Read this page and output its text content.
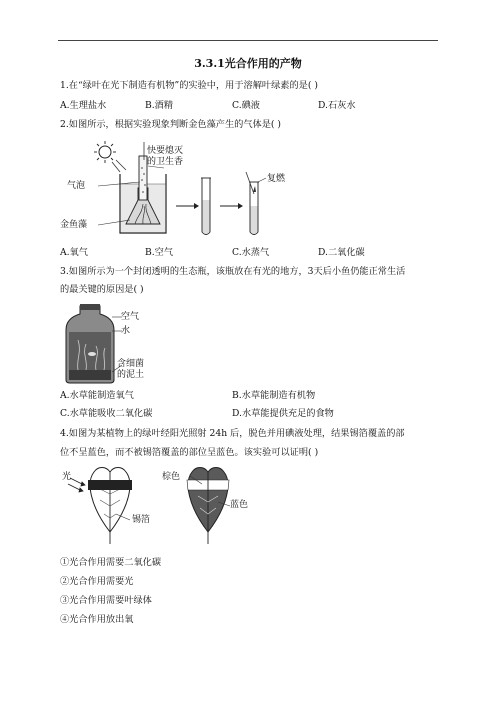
3.3.1光合作用的产物
1.在“绿叶在光下制造有机物”的实验中，用于溶解叶绿素的是( )
A.生理盐水	B.酒精	C.碘液	D.石灰水
2.如图所示，根据实验现象判断金色藻产生的气体是( )
快要熄灭
的卫生香
气泡
金鱼藻
复燃
A.氧气	B.空气	C.水蒸气	D.二氧化碳
3.如图所示为一个封闭透明的生态瓶，该瓶放在有光的地方，3天后小鱼仍能正常生活
的最关键的原因是( )
空气
水
含细菌
的泥土
A.水草能制造氧气	B.水草能制造有机物
C.水草能吸收二氧化碳	D.水草能提供充足的食物
4.如图为某植物上的绿叶经阳光照射 24h 后，脱色并用碘液处理，结果锡箔覆盖的部
位不呈蓝色，而不被锡箔覆盖的部位呈蓝色。该实验可以证明( )
光
锡箔
棕色
蓝色
①光合作用需要二氧化碳
②光合作用需要光
③光合作用需要叶绿体
④光合作用放出氧
